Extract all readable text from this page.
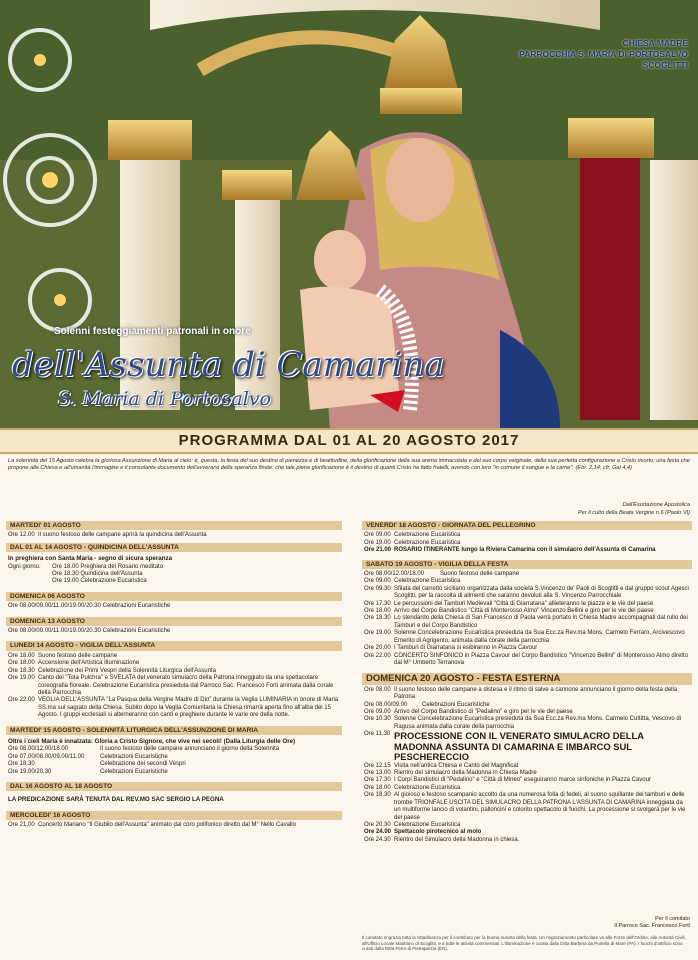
CHIESA MADRE
PARROCCHIA S. MARIA DI PORTOSALVO
SCOGLITTI
Solenni festeggiamenti patronali in onore
dell'Assunta di Camarina
S. Maria di Portosalvo
PROGRAMMA DAL 01 AL 20 AGOSTO 2017
La solennità del 15 Agosto celebra la gloriosa Assunzione di Maria al cielo: è, questa, la festa del suo destino di pienezza e di beatitudine, della glorificazione della sua anima immacolata e del suo corpo verginale, della sua perfetta configurazione a Cristo risorto; una festa che propone alla Chiesa e all'umanità l'immagine e il consolante documento dell'avverarsi della speranza finale: che tale piena glorificazione è il destino di quanti Cristo ha fatto fratelli, avendo con loro "in comune il sangue e la carne". (Ebr. 2,14; cfr. Gal 4,4)
Dall'Esortazione Apostolica
Per il culto della Beata Vergine n.6 (Paolo VI)
MARTEDI' 01 AGOSTO
Ore 12.00 Il suono festoso delle campane aprirà la quindicina dell'Assunta
DAL 01 AL 14 AGOSTO - QUINDICINA DELL'ASSUNTA
In preghiera con Santa Maria - segno di sicura speranza
Ogni giorno:	Ore 18.00 Preghiera del Rosario meditato
Ore 18.30 Quindicina dell'Assunta
Ore 19.00 Celebrazione Eucaristica
DOMENICA 06 AGOSTO
Ore 08.00/09.00/11.00/19.00/20.30 Celebrazioni Eucaristiche
DOMENICA 13 AGOSTO
Ore 08.00/09.00/11.00/19.00/20.30 Celebrazioni Eucaristiche
LUNEDI 14 AGOSTO - VIGILIA DELL'ASSUNTA
Ore 18.00 Suono festoso delle campane
Ore 18.00 Accensione dell'Artistica Illuminazione
Ore 18.30 Celebrazione dei Primi Vespri della Solennità Liturgica dell'Assunta
Ore 19.00 Canto del "Tota Pulchra" e SVELATA del venerato simulacro della Patrona inneggiato da una spettacolare coreografia floreale. Celebrazione Eucaristica presieduta dal Parroco Sac. Francesco Forti animata dalla corale della Parrocchia
Ore 22.00 VEGLIA DELL'ASSUNTA "La Pasqua della Vergine Madre di Dio" durante la Veglia LUMINARIA in onore di Maria SS.ma sul sagrato della Chiesa. Subito dopo la Veglia Comunitaria la Chiesa rimarrà aperta fino all'alba del 15 Agosto. I gruppi ecclesiali si alterneranno con canti e preghiere durante le varie ore della notte.
MARTEDI' 15 AGOSTO - SOLENNITÀ LITURGICA DELL'ASSUNZIONE DI MARIA
Oltre i cieli Maria è innalzata: Gloria a Cristo Signore, che vive nei secoli! (Dalla Liturgia delle Ore)
Ore 08.00/12.00/18.00	Il suono festoso delle campane annunciano il giorno della Solennità
Ore 07.00/08.00/09.00/11.00	Celebrazioni Eucaristiche
Ore 18.30	Celebrazione dei secondi Vespri
Ore 19.00/20.30	Celebrazioni Eucaristiche
DAL 16 AGOSTO AL 18 AGOSTO
LA PREDICAZIONE SARÀ TENUTA DAL REV.MO SAC SERGIO LA PEGNA
MERCOLEDI' 16 AGOSTO
Ore 21.00 Concerto Mariano "Il Giubilo dell'Assunta" animato dal coro polifonico diretto dal M° Nello Cavallo
VENERDI' 18 AGOSTO - GIORNATA DEL PELLEGRINO
Ore 09.00 Celebrazione Eucaristica
Ore 19.00 Celebrazione Eucaristica
Ore 21.00 ROSARIO ITINERANTE lungo la Riviera Camarina con il simulacro dell'Assunta di Camarina
SABATO 19 AGOSTO - VIGILIA DELLA FESTA
Ore 08.00/12.00/18.00	Suono festoso delle campane
Ore 09.00 Celebrazione Eucaristica
Ore 09.30 Sfilata del carretto siciliano organizzata dalla società S.Vincenzo de' Paoli di Scoglitti e dal gruppo scout Agesci Scoglitti, per la raccolta di alimenti che saranno devoluti alla S. Vincenzo Parrocchiale
Ore 17.30 Le percussioni dei Tamburi Medievali "Città di Giarratana" allieteranno le piazze e le vie del paese
Ore 18.00 Arrivo del Corpo Bandistico "Città di Monterosso Almo" Vincenzo Bellini e giro per le vie del paese
Ore 18.30 Lo stendardo della Chiesa di San Francesco di Paola verrà portato in Chiesa Madre accompagnati dal rullo dei Tamburi e del Corpo Bandistico
Ore 19.00 Solenne Concelebrazione Eucaristica presieduta da Sua Ecc.za Rev.ma Mons. Carmelo Ferraro, Arcivescovo Emerito di Agrigento, animata dalla corale della parrocchia
Ore 20.00 I Tamburi di Giarratana si esibiranno in Piazza Cavour
Ore 22.00 CONCERTO SINFONICO in Piazza Cavour del Corpo Bandistico "Vincenzo Bellini" di Monterosso Almo diretto dal M° Umberto Terranova
DOMENICA 20 AGOSTO - FESTA ESTERNA
Ore 08.00 Il suono festoso delle campane a distesa e il ritmo di salve a cannone annunciano il giorno della festa della Patrona
Ore 08.00/09.00	Celebrazioni Eucaristiche
Ore 09.00 Arrivo del Corpo Bandistico di "Pedalino" e giro per le vie del paese
Ore 10.30 Solenne Concelebrazione Eucaristica presieduta da Sua Ecc.za Rev.ma Mons. Carmelo Cuttitta, Vescovo di Ragusa animata dalla corale della parrocchia
Ore 11.30 PROCESSIONE CON IL VENERATO SIMULACRO DELLA MADONNA ASSUNTA DI CAMARINA E IMBARCO SUL PESCHERECCIO
Ore 12.15 Visita nell'antica Chiesa e Canto del Magnificat
Ore 13.00 Rientro del simulacro della Madonna in Chiesa Madre
Ore 17.30 I Corpi Bandistici di "Pedalino" e "Città di Mineo" eseguiranno marce sinfoniche in Piazza Cavour
Ore 18.00 Celebrazione Eucaristica
Ore 18.30 Al gioioso e festoso scampanio accolto da una numerosa folla di fedeli, al suono squillante dei tamburi e delle trombe TRIONFALE USCITA DEL SIMULACRO DELLA PATRONA L'ASSUNTA DI CAMARINA inneggiata da un multiforme lancio di volantini, palloncini e colorito spettacolo di fuochi. La processione si svolgerà per le vie del paese
Ore 20.30 Celebrazione Eucaristica
Ore 24.00 Spettacolo pirotecnico al molo
Ore 24.30 Rientro del Simulacro della Madonna in chiesa.
Per il comitato
Il Parroco Sac. Francesco Forti
Il comitato ringrazia tutta la cittadinanza per il contributo per la buona riuscita della festa. Un ringraziamento particolare va alle Forze dell'Ordine, alle Autorità Civili, all'Ufficio Locale Marittimo di Scoglitti, e a tutte le attività commerciali. L'illuminazione è curata dalla Ditta Barbera da Portella di Mare (PA). I fuochi d'artificio sono curati dalla Ditta Ferro di Pietraperzia (EN).
